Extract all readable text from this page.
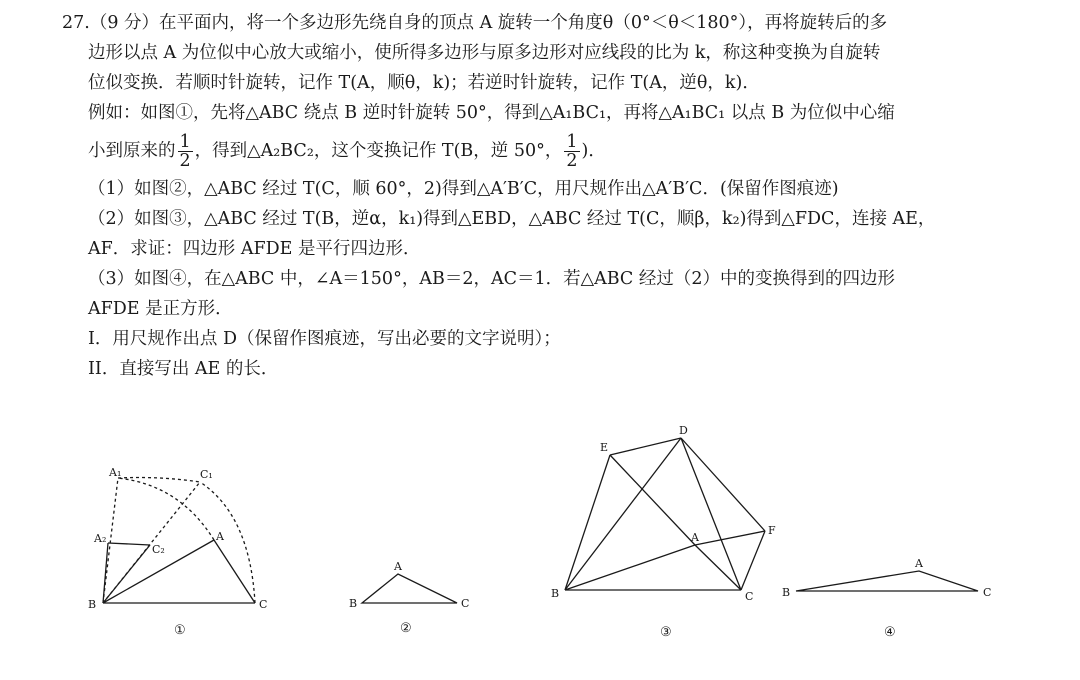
27.（9 分）在平面内，将一个多边形先绕自身的顶点 A 旋转一个角度θ（0°＜θ＜180°），再将旋转后的多
边形以点 A 为位似中心放大或缩小，使所得多边形与原多边形对应线段的比为 k，称这种变换为自旋转
位似变换．若顺时针旋转，记作 T(A，顺θ，k)；若逆时针旋转，记作 T(A，逆θ，k)．
例如：如图①，先将△ABC 绕点 B 逆时针旋转 50°，得到△A₁BC₁，再将△A₁BC₁ 以点 B 为位似中心缩
小到原来的 $\frac{1}{2}$ ，得到△A₂BC₂，这个变换记作 T(B，逆 50°， $\frac{1}{2}$ )．
（1）如图②，△ABC 经过 T(C，顺 60°，2)得到△A′B′C，用尺规作出△A′B′C．(保留作图痕迹)
（2）如图③，△ABC 经过 T(B，逆α，k₁)得到△EBD，△ABC 经过 T(C，顺β，k₂)得到△FDC，连接 AE，
AF．求证：四边形 AFDE 是平行四边形．
（3）如图④，在△ABC 中，∠A＝150°，AB＝2，AC＝1．若△ABC 经过（2）中的变换得到的四边形
AFDE 是正方形．
I．用尺规作出点 D（保留作图痕迹，写出必要的文字说明）；
II．直接写出 AE 的长．
A₁	C₁
A₂
C₂
A
B	C
①
A
B	C
②
D
E
F
A
B	C
③
A
B	C
④
